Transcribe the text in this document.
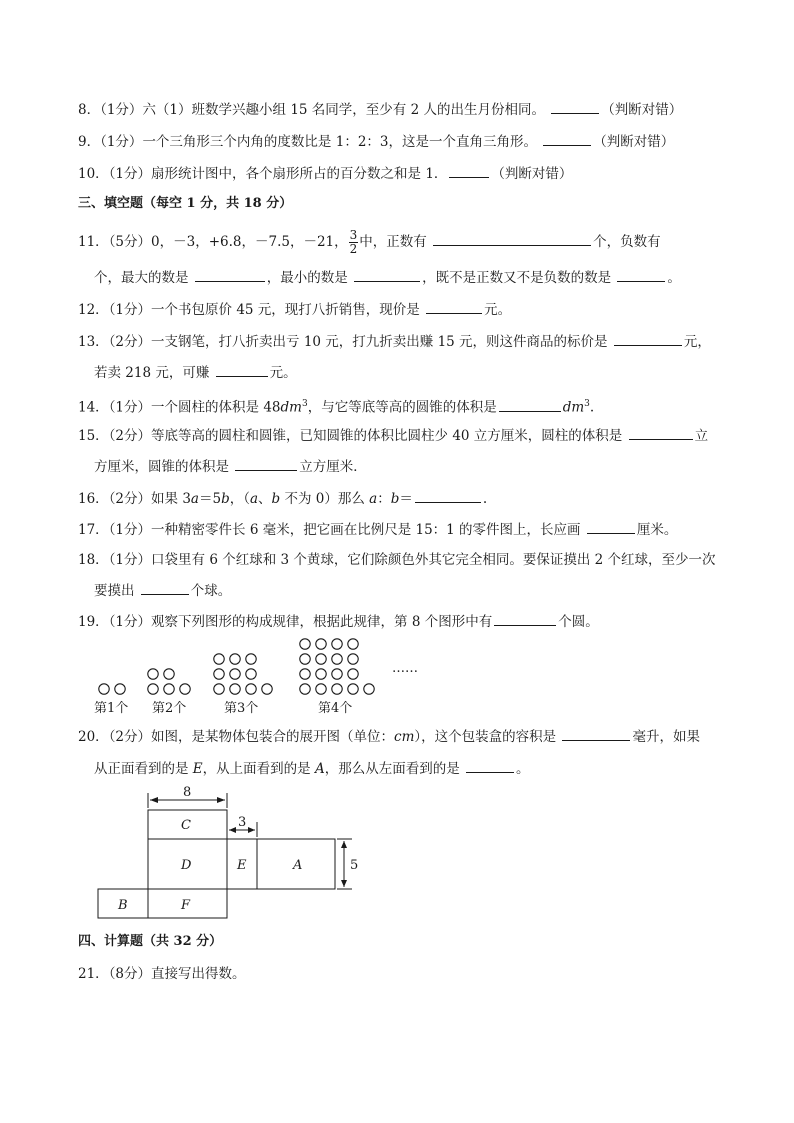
8．（1分）六（1）班数学兴趣小组 15 名同学，至少有 2 人的出生月份相同。	（判断对错）
9．（1分）一个三角形三个内角的度数比是 1：2：3，这是一个直角三角形。	（判断对错）
10．（1分）扇形统计图中，各个扇形所占的百分数之和是 1．	（判断对错）
三、填空题（每空 1 分，共 18 分）
11．（5分）0，－3，+6.8，－7.5，－21， $\frac{3}{2}$ 中，正数有	个，负数有
个，最大的数是	，最小的数是	，既不是正数又不是负数的数是	。
12．（1分）一个书包原价 45 元，现打八折销售，现价是	元。
13．（2分）一支钢笔，打八折卖出亏 10 元，打九折卖出赚 15 元，则这件商品的标价是	元，
若卖 218 元，可赚	元。
14．（1分）一个圆柱的体积是 $48dm^3$，与它等底等高的圆锥的体积是	$dm^3$.
15．（2分）等底等高的圆柱和圆锥，已知圆锥的体积比圆柱少 40 立方厘米，圆柱的体积是	立
方厘米，圆锥的体积是	立方厘米．
16．（2分）如果 3a＝5b，（a、b 不为 0）那么 a：b＝	.
17．（1分）一种精密零件长 6 毫米，把它画在比例尺是 15：1 的零件图上，长应画	厘米。
18．（1分）口袋里有 6 个红球和 3 个黄球，它们除颜色外其它完全相同。要保证摸出 2 个红球，至少一次
要摸出	个球。
19．（1分）观察下列图形的构成规律，根据此规律，第 8 个图形中有	个圆。
……
第1个 第2个	第3个	第4个
20．（2分）如图，是某物体包装合的展开图（单位：cm），这个包装盒的容积是	毫升，如果
从正面看到的是 E，从上面看到的是 A，那么从左面看到的是	。
8
3
5
C
D	E	A
B	F
四、计算题（共 32 分）
21．（8分）直接写出得数。
